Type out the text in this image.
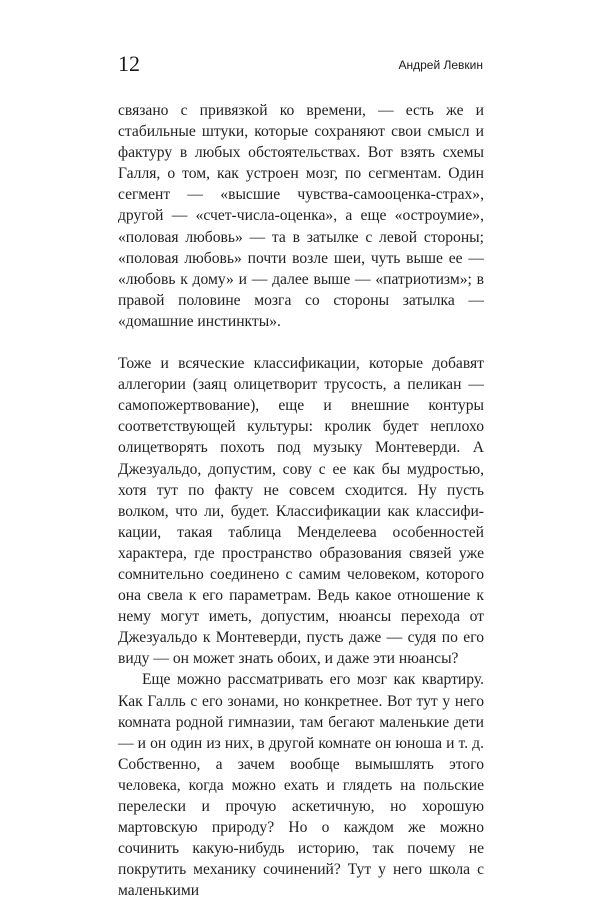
12	Андрей Левкин

связано с привязкой ко времени, — есть же и стабильные штуки, которые сохраняют свои смысл и фактуру в любых обстоятельствах. Вот взять схемы Галля, о том, как устроен мозг, по сегментам. Один сегмент — «высшие чувства-самооценка-страх», другой — «счет-числа-оценка», а еще «остроумие», «половая любовь» — та в затылке с левой стороны; «половая любовь» почти возле шеи, чуть выше ее — «любовь к дому» и — далее выше — «патриотизм»; в правой половине мозга со стороны затылка — «домашние инстинкты».

Тоже и всяческие классификации, которые добавят аллегории (заяц олицетворит трусость, а пеликан — самопожертвование), еще и внешние контуры соответствующей культуры: кролик будет неплохо олицетворять похоть под музыку Монтеверди. А Джезуальдо, допустим, сову с ее как бы мудростью, хотя тут по факту не совсем сходится. Ну пусть волком, что ли, будет. Классификации как классификации, такая таблица Менделеева особенностей характера, где пространство образования связей уже сомнительно соединено с самим человеком, которого она свела к его параметрам. Ведь какое отношение к нему могут иметь, допустим, нюансы перехода от Джезуальдо к Монтеверди, пусть даже — судя по его виду — он может знать обоих, и даже эти нюансы?

Еще можно рассматривать его мозг как квартиру. Как Галль с его зонами, но конкретнее. Вот тут у него комната родной гимназии, там бегают маленькие дети — и он один из них, в другой комнате он юноша и т. д. Собственно, а зачем вообще вымышлять этого человека, когда можно ехать и глядеть на польские перелески и прочую аскетичную, но хорошую мартовскую природу? Но о каждом же можно сочинить какую-нибудь историю, так почему не покрутить механику сочинений? Тут у него школа с маленькими
